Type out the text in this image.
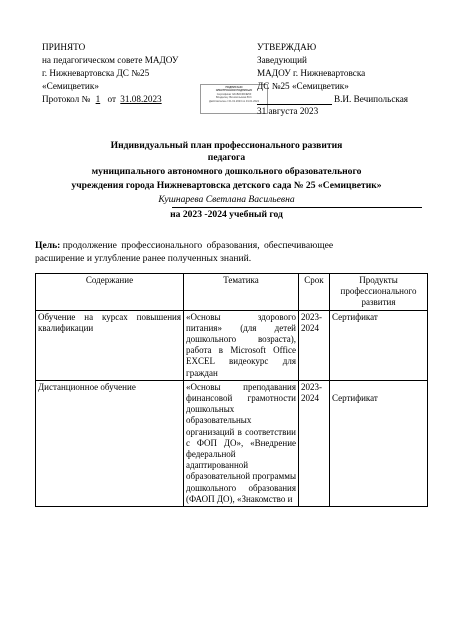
ПРИНЯТО
на педагогическом совете МАДОУ
г. Нижневартовска ДС №25
«Семицветик»
Протокол № 1 от 31.08.2023
ПОДПИСАНО
ЭЛЕКТРОННОЙ ПОДПИСЬЮ
Сертификат 0A1B2C3D4E5F
Владелец: Вечипольская В.И.
Действителен с 01.01.2023 по 01.01.2024
УТВЕРЖДАЮ
Заведующий
МАДОУ г. Нижневартовска
ДС №25 «Семицветик»
В.И. Вечипольская
31 августа 2023
Индивидуальный план профессионального развития
педагога
муниципального автономного дошкольного образовательного
учреждения города Нижневартовска детского сада № 25 «Семицветик»
Кушнарева Светлана Васильевна
на 2023 -2024 учебный год
Цель: продолжение профессионального образования, обеспечивающее
расширение и углубление ранее полученных знаний.
Содержание	Тематика	Срок	Продукты профессионального развития
Обучение на курсах повышения квалификации	«Основы здорового питания» (для детей дошкольного возраста), работа в Microsoft Office EXCEL видеокурс для граждан	2023-2024	Сертификат
Дистанционное обучение	«Основы преподавания финансовой грамотности дошкольных образовательных организаций в соответствии с ФОП ДО», «Внедрение федеральной адаптированной образовательной программы дошкольного образования (ФАОП ДО), «Знакомство и	2023-2024	Сертификат
